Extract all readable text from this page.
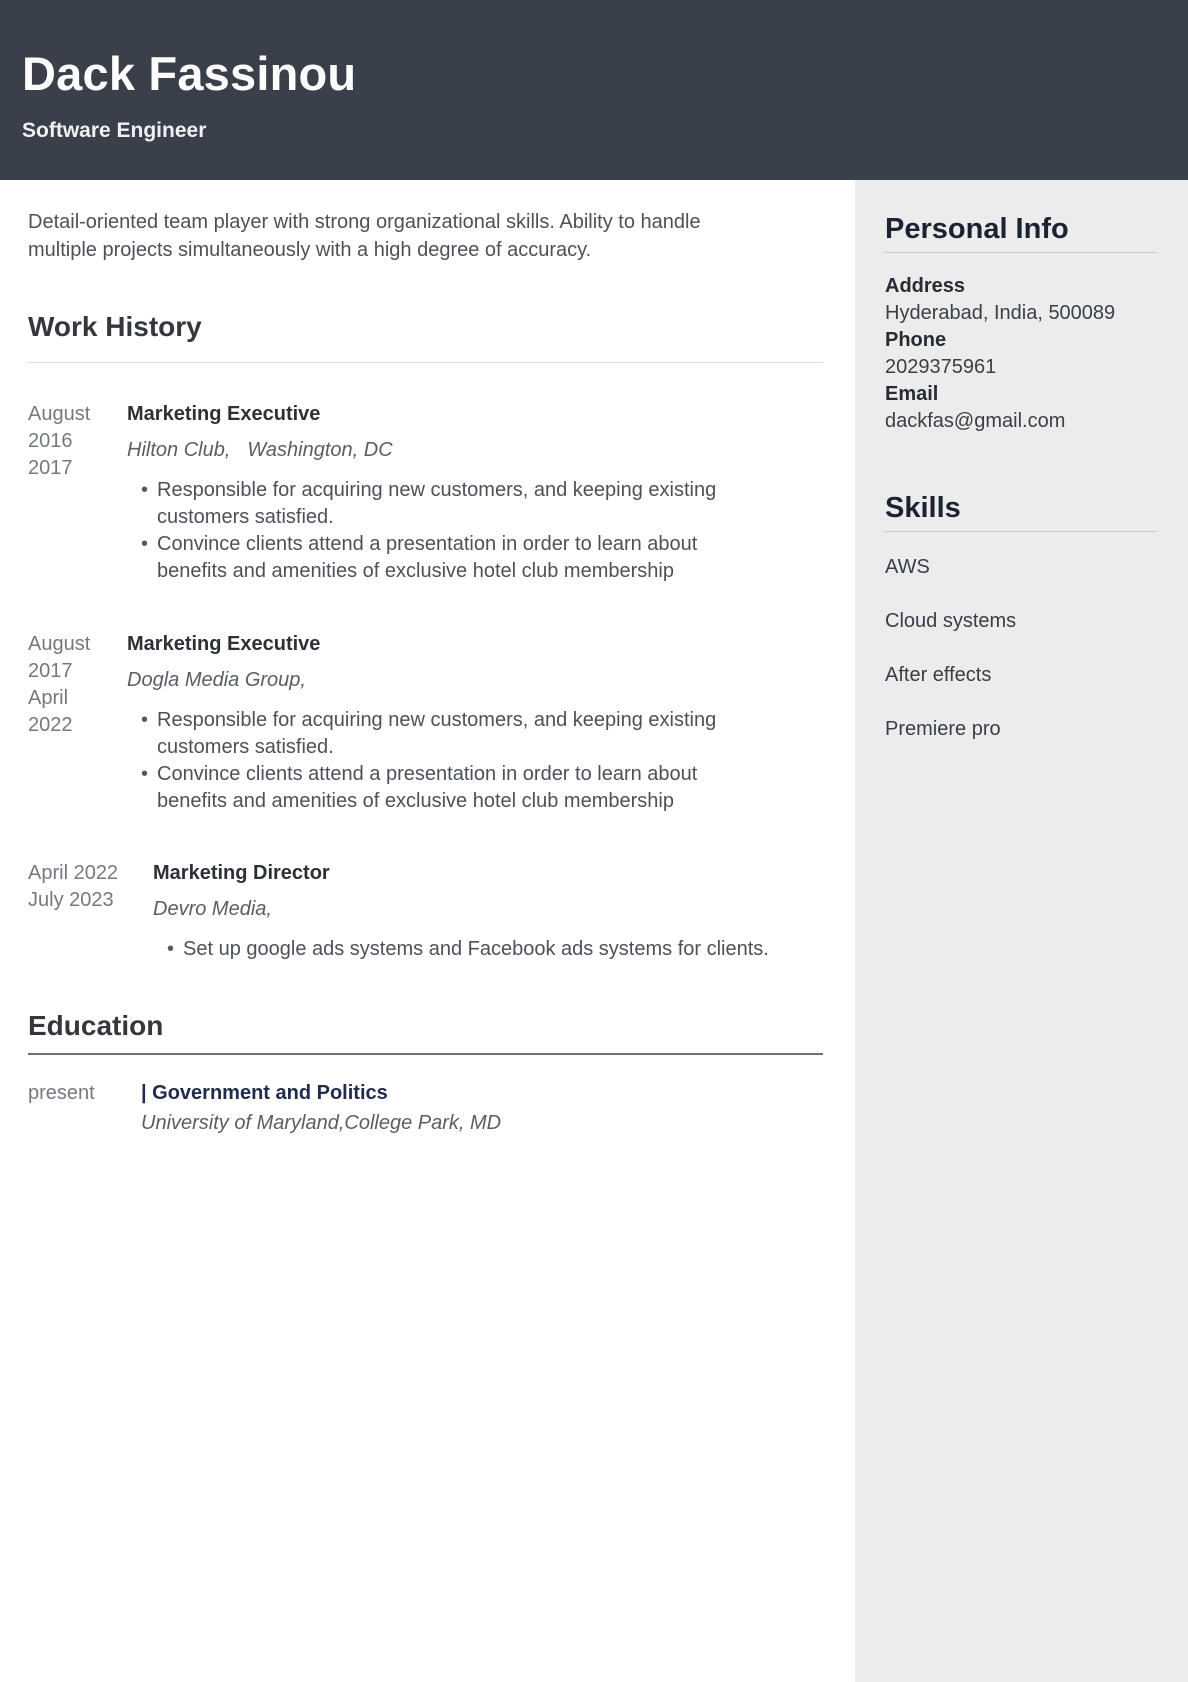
Dack Fassinou
Software Engineer

Detail-oriented team player with strong organizational skills. Ability to handle multiple projects simultaneously with a high degree of accuracy.

Work History
August
2016
2017
Marketing Executive
Hilton Club, Washington, DC
• Responsible for acquiring new customers, and keeping existing customers satisfied.
• Convince clients attend a presentation in order to learn about benefits and amenities of exclusive hotel club membership
August
2017
April
2022
Marketing Executive
Dogla Media Group,
• Responsible for acquiring new customers, and keeping existing customers satisfied.
• Convince clients attend a presentation in order to learn about benefits and amenities of exclusive hotel club membership
April 2022
July 2023
Marketing Director
Devro Media,
• Set up google ads systems and Facebook ads systems for clients.
Education
present	| Government and Politics
University of Maryland,College Park, MD
Personal Info
Address
Hyderabad, India, 500089
Phone
2029375961
Email
dackfas@gmail.com
Skills
AWS
Cloud systems
After effects
Premiere pro
